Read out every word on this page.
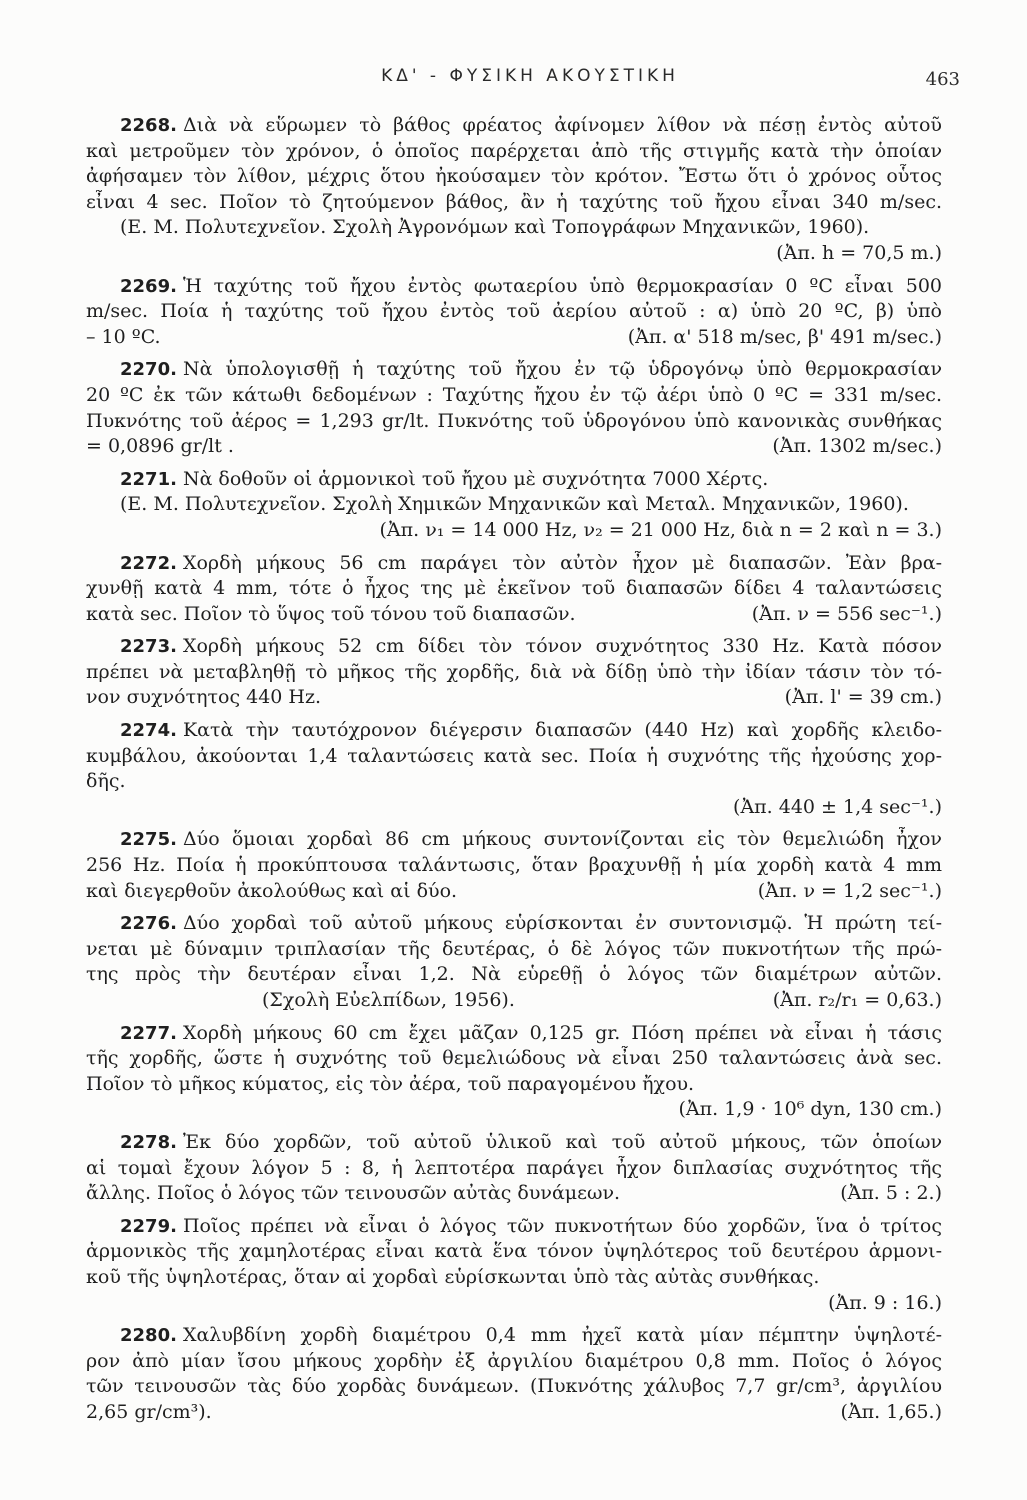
ΚΔ' - ΦΥΣΙΚΗ ΑΚΟΥΣΤΙΚΗ	463
2268. Διὰ νὰ εὕρωμεν τὸ βάθος φρέατος ἀφίνομεν λίθον νὰ πέσῃ ἐντὸς αὐτοῦ
καὶ μετροῦμεν τὸν χρόνον, ὁ ὁποῖος παρέρχεται ἀπὸ τῆς στιγμῆς κατὰ τὴν ὁποίαν
ἀφήσαμεν τὸν λίθον, μέχρις ὅτου ἠκούσαμεν τὸν κρότον. Ἔστω ὅτι ὁ χρόνος οὗτος
εἶναι 4 sec. Ποῖον τὸ ζητούμενον βάθος, ἂν ἡ ταχύτης τοῦ ἤχου εἶναι 340 m/sec.
(Ε. Μ. Πολυτεχνεῖον. Σχολὴ Ἀγρονόμων καὶ Τοπογράφων Μηχανικῶν, 1960).
(Ἀπ. h = 70,5 m.)
2269. Ἡ ταχύτης τοῦ ἤχου ἐντὸς φωταερίου ὑπὸ θερμοκρασίαν 0 ºC εἶναι 500
m/sec. Ποία ἡ ταχύτης τοῦ ἤχου ἐντὸς τοῦ ἀερίου αὐτοῦ : α) ὑπὸ 20 ºC, β) ὑπὸ
– 10 ºC.	(Ἀπ. α' 518 m/sec, β' 491 m/sec.)
2270. Νὰ ὑπολογισθῇ ἡ ταχύτης τοῦ ἤχου ἐν τῷ ὑδρογόνῳ ὑπὸ θερμοκρασίαν
20 ºC ἐκ τῶν κάτωθι δεδομένων : Ταχύτης ἤχου ἐν τῷ ἀέρι ὑπὸ 0 ºC = 331 m/sec.
Πυκνότης τοῦ ἀέρος = 1,293 gr/lt. Πυκνότης τοῦ ὑδρογόνου ὑπὸ κανονικὰς συνθήκας
= 0,0896 gr/lt .	(Ἀπ. 1302 m/sec.)
2271. Νὰ δοθοῦν οἱ ἁρμονικοὶ τοῦ ἤχου μὲ συχνότητα 7000 Χέρτς.
(Ε. Μ. Πολυτεχνεῖον. Σχολὴ Χημικῶν Μηχανικῶν καὶ Μεταλ. Μηχανικῶν, 1960).
(Ἀπ. ν₁ = 14 000 Hz, ν₂ = 21 000 Hz, διὰ n = 2 καὶ n = 3.)
2272. Χορδὴ μήκους 56 cm παράγει τὸν αὐτὸν ἦχον μὲ διαπασῶν. Ἐὰν βρα-
χυνθῇ κατὰ 4 mm, τότε ὁ ἦχος της μὲ ἐκεῖνον τοῦ διαπασῶν δίδει 4 ταλαντώσεις
κατὰ sec. Ποῖον τὸ ὕψος τοῦ τόνου τοῦ διαπασῶν.	(Ἀπ. ν = 556 sec⁻¹.)
2273. Χορδὴ μήκους 52 cm δίδει τὸν τόνον συχνότητος 330 Hz. Κατὰ πόσον
πρέπει νὰ μεταβληθῇ τὸ μῆκος τῆς χορδῆς, διὰ νὰ δίδῃ ὑπὸ τὴν ἰδίαν τάσιν τὸν τό-
νον συχνότητος 440 Hz.	(Ἀπ. l' = 39 cm.)
2274. Κατὰ τὴν ταυτόχρονον διέγερσιν διαπασῶν (440 Hz) καὶ χορδῆς κλειδο-
κυμβάλου, ἀκούονται 1,4 ταλαντώσεις κατὰ sec. Ποία ἡ συχνότης τῆς ἠχούσης χορ-
δῆς.
(Ἀπ. 440 ± 1,4 sec⁻¹.)
2275. Δύο ὅμοιαι χορδαὶ 86 cm μήκους συντονίζονται εἰς τὸν θεμελιώδη ἦχον
256 Hz. Ποία ἡ προκύπτουσα ταλάντωσις, ὅταν βραχυνθῇ ἡ μία χορδὴ κατὰ 4 mm
καὶ διεγερθοῦν ἀκολούθως καὶ αἱ δύο.	(Ἀπ. ν = 1,2 sec⁻¹.)
2276. Δύο χορδαὶ τοῦ αὐτοῦ μήκους εὑρίσκονται ἐν συντονισμῷ. Ἡ πρώτη τεί-
νεται μὲ δύναμιν τριπλασίαν τῆς δευτέρας, ὁ δὲ λόγος τῶν πυκνοτήτων τῆς πρώ-
της πρὸς τὴν δευτέραν εἶναι 1,2. Νὰ εὑρεθῇ ὁ λόγος τῶν διαμέτρων αὐτῶν.
(Σχολὴ Εὐελπίδων, 1956).	(Ἀπ. r₂/r₁ = 0,63.)
2277. Χορδὴ μήκους 60 cm ἔχει μᾶζαν 0,125 gr. Πόση πρέπει νὰ εἶναι ἡ τάσις
τῆς χορδῆς, ὥστε ἡ συχνότης τοῦ θεμελιώδους νὰ εἶναι 250 ταλαντώσεις ἀνὰ sec.
Ποῖον τὸ μῆκος κύματος, εἰς τὸν ἀέρα, τοῦ παραγομένου ἤχου.
(Ἀπ. 1,9 · 10⁶ dyn, 130 cm.)
2278. Ἐκ δύο χορδῶν, τοῦ αὐτοῦ ὑλικοῦ καὶ τοῦ αὐτοῦ μήκους, τῶν ὁποίων
αἱ τομαὶ ἔχουν λόγον 5 : 8, ἡ λεπτοτέρα παράγει ἦχον διπλασίας συχνότητος τῆς
ἄλλης. Ποῖος ὁ λόγος τῶν τεινουσῶν αὐτὰς δυνάμεων.	(Ἀπ. 5 : 2.)
2279. Ποῖος πρέπει νὰ εἶναι ὁ λόγος τῶν πυκνοτήτων δύο χορδῶν, ἵνα ὁ τρίτος
ἁρμονικὸς τῆς χαμηλοτέρας εἶναι κατὰ ἕνα τόνον ὑψηλότερος τοῦ δευτέρου ἁρμονι-
κοῦ τῆς ὑψηλοτέρας, ὅταν αἱ χορδαὶ εὑρίσκωνται ὑπὸ τὰς αὐτὰς συνθήκας.
(Ἀπ. 9 : 16.)
2280. Χαλυβδίνη χορδὴ διαμέτρου 0,4 mm ἠχεῖ κατὰ μίαν πέμπτην ὑψηλοτέ-
ρον ἀπὸ μίαν ἴσου μήκους χορδὴν ἐξ ἀργιλίου διαμέτρου 0,8 mm. Ποῖος ὁ λόγος
τῶν τεινουσῶν τὰς δύο χορδὰς δυνάμεων. (Πυκνότης χάλυβος 7,7 gr/cm³, ἀργιλίου
2,65 gr/cm³).	(Ἀπ. 1,65.)
